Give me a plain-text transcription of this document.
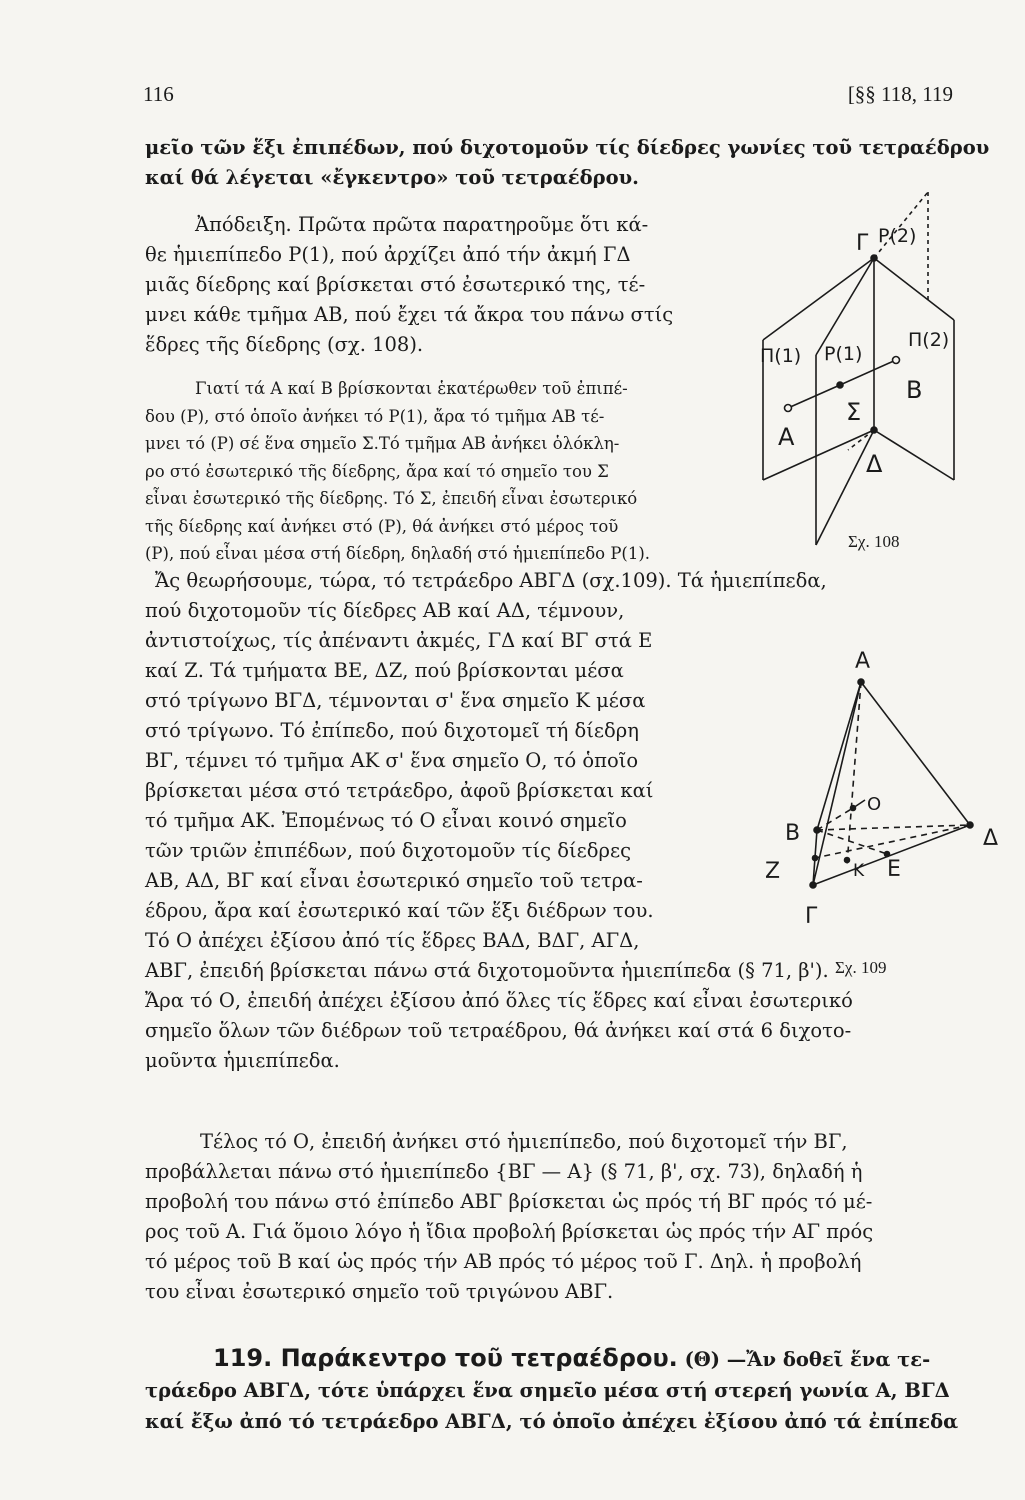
116	[§§ 118, 119
μεῖο τῶν ἕξι ἐπιπέδων, πού διχοτομοῦν τίς δίεδρες γωνίες τοῦ τετραέδρου
καί θά λέγεται «ἔγκεντρο» τοῦ τετραέδρου.
Ἀπόδειξη. Πρῶτα πρῶτα παρατηροῦμε ὅτι κά-
θε ἡμιεπίπεδο Ρ(1), πού ἀρχίζει ἀπό τήν ἀκμή ΓΔ
μιᾶς δίεδρης καί βρίσκεται στό ἐσωτερικό της, τέ-
μνει κάθε τμῆμα ΑΒ, πού ἔχει τά ἄκρα του πάνω στίς
ἕδρες τῆς δίεδρης (σχ. 108).
Γιατί τά Α καί Β βρίσκονται ἑκατέρωθεν τοῦ ἐπιπέ-
δου (Ρ), στό ὁποῖο ἀνήκει τό Ρ(1), ἄρα τό τμῆμα ΑΒ τέ-
μνει τό (Ρ) σέ ἕνα σημεῖο Σ.Τό τμῆμα ΑΒ ἀνήκει ὁλόκλη-
ρο στό ἐσωτερικό τῆς δίεδρης, ἄρα καί τό σημεῖο του Σ
εἶναι ἐσωτερικό τῆς δίεδρης. Τό Σ, ἐπειδή εἶναι ἐσωτερικό
τῆς δίεδρης καί ἀνήκει στό (Ρ), θά ἀνήκει στό μέρος τοῦ
(Ρ), πού εἶναι μέσα στή δίεδρη, δηλαδή στό ἡμιεπίπεδο Ρ(1).
Γ Ρ(2)
Π(1) Ρ(1)
Π(2)
Β
Σ
Α
Δ
Σχ. 108
Ἄς θεωρήσουμε, τώρα, τό τετράεδρο ΑΒΓΔ (σχ.109). Τά ἡμιεπίπεδα,
πού διχοτομοῦν τίς δίεδρες ΑΒ καί ΑΔ, τέμνουν,
ἀντιστοίχως, τίς ἀπέναντι ἀκμές, ΓΔ καί ΒΓ στά Ε
καί Ζ. Τά τμήματα ΒΕ, ΔΖ, πού βρίσκονται μέσα
στό τρίγωνο ΒΓΔ, τέμνονται σ' ἕνα σημεῖο Κ μέσα
στό τρίγωνο. Τό ἐπίπεδο, πού διχοτομεῖ τή δίεδρη
ΒΓ, τέμνει τό τμῆμα ΑΚ σ' ἕνα σημεῖο Ο, τό ὁποῖο
βρίσκεται μέσα στό τετράεδρο, ἀφοῦ βρίσκεται καί
τό τμῆμα ΑΚ. Ἐπομένως τό Ο εἶναι κοινό σημεῖο
τῶν τριῶν ἐπιπέδων, πού διχοτομοῦν τίς δίεδρες
ΑΒ, ΑΔ, ΒΓ καί εἶναι ἐσωτερικό σημεῖο τοῦ τετρα-
έδρου, ἄρα καί ἐσωτερικό καί τῶν ἕξι διέδρων του.
Τό Ο ἀπέχει ἐξίσου ἀπό τίς ἕδρες ΒΑΔ, ΒΔΓ, ΑΓΔ,
ΑΒΓ, ἐπειδή βρίσκεται πάνω στά διχοτομοῦντα ἡμιεπίπεδα (§ 71, β').
Ἄρα τό Ο, ἐπειδή ἀπέχει ἐξίσου ἀπό ὅλες τίς ἕδρες καί εἶναι ἐσωτερικό
σημεῖο ὅλων τῶν διέδρων τοῦ τετραέδρου, θά ἀνήκει καί στά 6 διχοτο-
μοῦντα ἡμιεπίπεδα.
Α
Β	Δ
Γ
Ο
Κ
Ζ	Ε
Σχ. 109
Τέλος τό Ο, ἐπειδή ἀνήκει στό ἡμιεπίπεδο, πού διχοτομεῖ τήν ΒΓ,
προβάλλεται πάνω στό ἡμιεπίπεδο {ΒΓ — Α} (§ 71, β', σχ. 73), δηλαδή ἡ
προβολή του πάνω στό ἐπίπεδο ΑΒΓ βρίσκεται ὡς πρός τή ΒΓ πρός τό μέ-
ρος τοῦ Α. Γιά ὅμοιο λόγο ἡ ἴδια προβολή βρίσκεται ὡς πρός τήν ΑΓ πρός
τό μέρος τοῦ Β καί ὡς πρός τήν ΑΒ πρός τό μέρος τοῦ Γ. Δηλ. ἡ προβολή
του εἶναι ἐσωτερικό σημεῖο τοῦ τριγώνου ΑΒΓ.
119. Παράκεντρο τοῦ τετραέδρου. (Θ) —Ἄν δοθεῖ ἕνα τε-
τράεδρο ΑΒΓΔ, τότε ὑπάρχει ἕνα σημεῖο μέσα στή στερεή γωνία Α, ΒΓΔ
καί ἔξω ἀπό τό τετράεδρο ΑΒΓΔ, τό ὁποῖο ἀπέχει ἐξίσου ἀπό τά ἐπίπεδα
